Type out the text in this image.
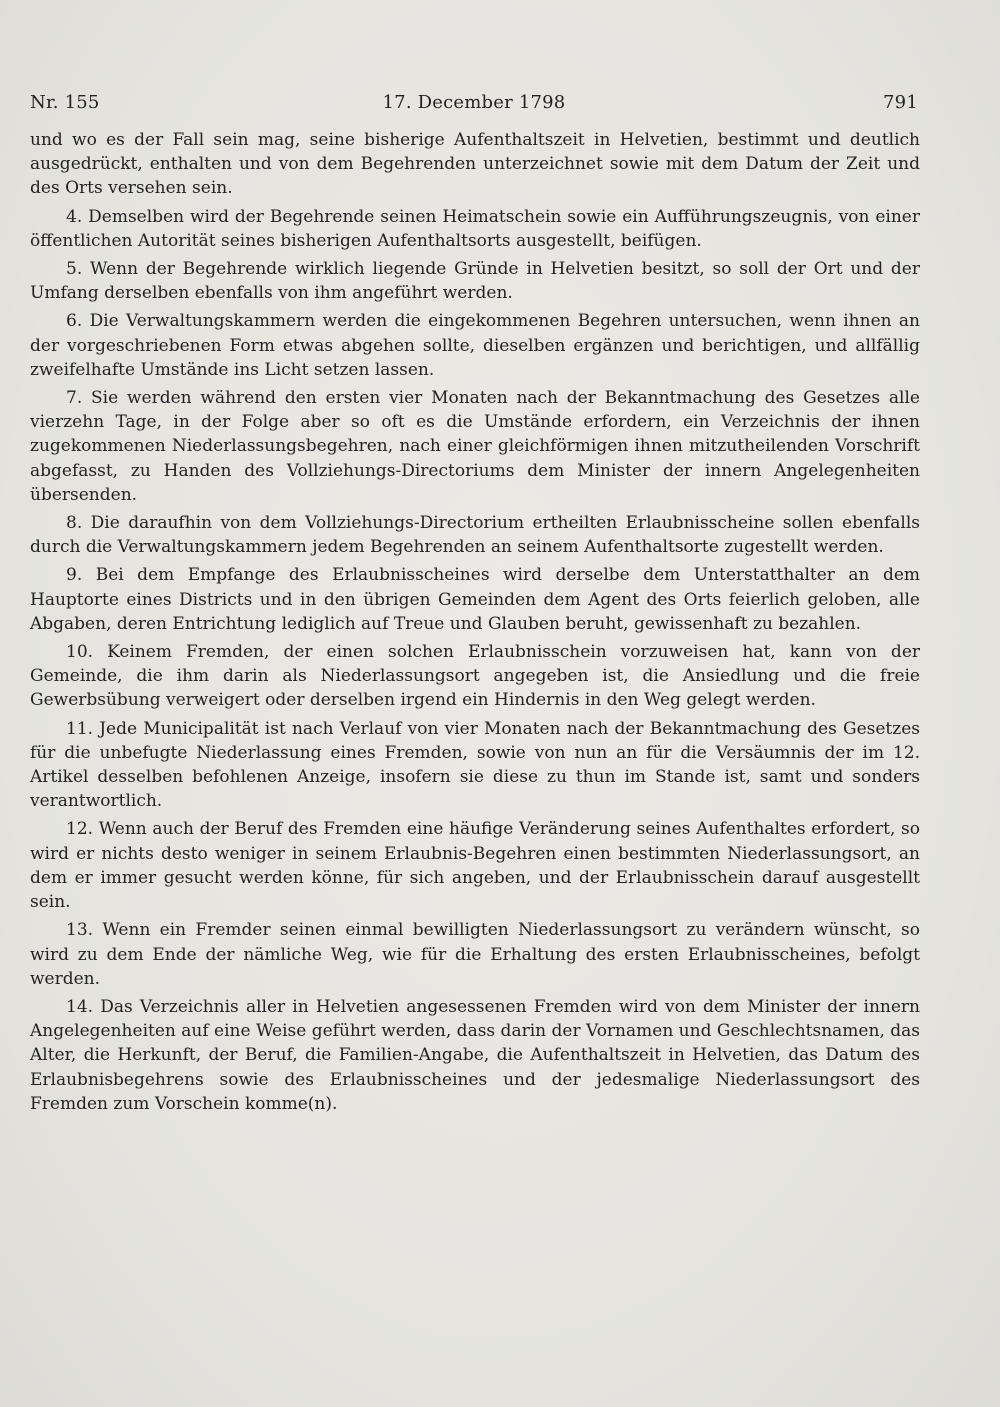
Nr. 155	17. December 1798	791

und wo es der Fall sein mag, seine bisherige Aufenthaltszeit in Helvetien, bestimmt und deutlich ausgedrückt, enthalten und von dem Begehrenden unterzeichnet sowie mit dem Datum der Zeit und des Orts versehen sein.

4. Demselben wird der Begehrende seinen Heimatschein sowie ein Aufführungszeugnis, von einer öffentlichen Autorität seines bisherigen Aufenthaltsorts ausgestellt, beifügen.

5. Wenn der Begehrende wirklich liegende Gründe in Helvetien besitzt, so soll der Ort und der Umfang derselben ebenfalls von ihm angeführt werden.

6. Die Verwaltungskammern werden die eingekommenen Begehren untersuchen, wenn ihnen an der vorgeschriebenen Form etwas abgehen sollte, dieselben ergänzen und berichtigen, und allfällig zweifelhafte Umstände ins Licht setzen lassen.

7. Sie werden während den ersten vier Monaten nach der Bekanntmachung des Gesetzes alle vierzehn Tage, in der Folge aber so oft es die Umstände erfordern, ein Verzeichnis der ihnen zugekommenen Niederlassungsbegehren, nach einer gleichförmigen ihnen mitzutheilenden Vorschrift abgefasst, zu Handen des Vollziehungs-Directoriums dem Minister der innern Angelegenheiten übersenden.

8. Die daraufhin von dem Vollziehungs-Directorium ertheilten Erlaubnisscheine sollen ebenfalls durch die Verwaltungskammern jedem Begehrenden an seinem Aufenthaltsorte zugestellt werden.

9. Bei dem Empfange des Erlaubnisscheines wird derselbe dem Unterstatthalter an dem Hauptorte eines Districts und in den übrigen Gemeinden dem Agent des Orts feierlich geloben, alle Abgaben, deren Entrichtung lediglich auf Treue und Glauben beruht, gewissenhaft zu bezahlen.

10. Keinem Fremden, der einen solchen Erlaubnisschein vorzuweisen hat, kann von der Gemeinde, die ihm darin als Niederlassungsort angegeben ist, die Ansiedlung und die freie Gewerbsübung verweigert oder derselben irgend ein Hindernis in den Weg gelegt werden.

11. Jede Municipalität ist nach Verlauf von vier Monaten nach der Bekanntmachung des Gesetzes für die unbefugte Niederlassung eines Fremden, sowie von nun an für die Versäumnis der im 12. Artikel desselben befohlenen Anzeige, insofern sie diese zu thun im Stande ist, samt und sonders verantwortlich.

12. Wenn auch der Beruf des Fremden eine häufige Veränderung seines Aufenthaltes erfordert, so wird er nichts desto weniger in seinem Erlaubnis-Begehren einen bestimmten Niederlassungsort, an dem er immer gesucht werden könne, für sich angeben, und der Erlaubnisschein darauf ausgestellt sein.

13. Wenn ein Fremder seinen einmal bewilligten Niederlassungsort zu verändern wünscht, so wird zu dem Ende der nämliche Weg, wie für die Erhaltung des ersten Erlaubnisscheines, befolgt werden.

14. Das Verzeichnis aller in Helvetien angesessenen Fremden wird von dem Minister der innern Angelegenheiten auf eine Weise geführt werden, dass darin der Vornamen und Geschlechtsnamen, das Alter, die Herkunft, der Beruf, die Familien-Angabe, die Aufenthaltszeit in Helvetien, das Datum des Erlaubnisbegehrens sowie des Erlaubnisscheines und der jedesmalige Niederlassungsort des Fremden zum Vorschein komme(n).
